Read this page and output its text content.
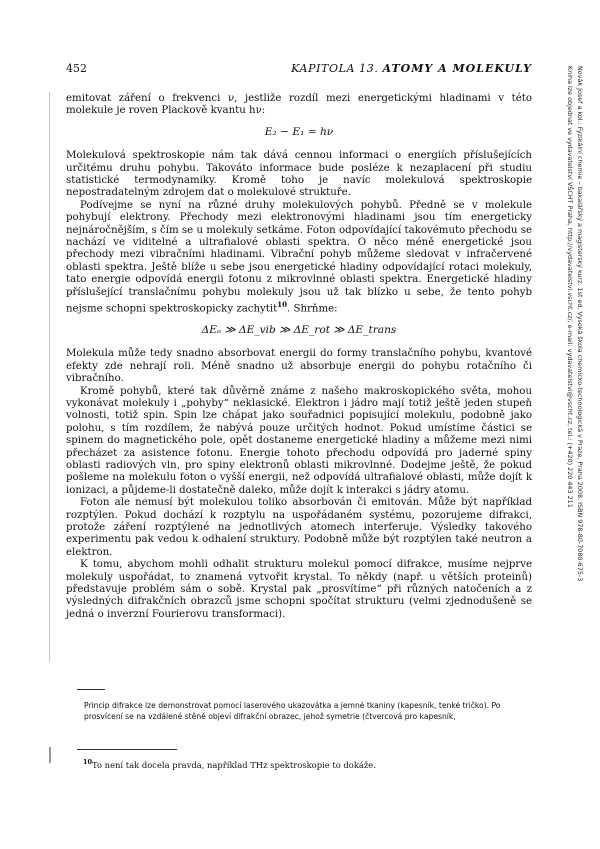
452	KAPITOLA 13. ATOMY A MOLEKULY

emitovat záření o frekvenci ν, jestliže rozdíl mezi energetickými hladinami v této molekule je roven Plackově kvantu hν:

E₂ − E₁ = hν

Molekulová spektroskopie nám tak dává cennou informaci o energiích příslušejících určitému druhu pohybu. Takováto informace bude posléze k nezaplacení při studiu statistické termodynamiky. Kromě toho je navíc molekulová spektroskopie nepostradatelným zdrojem dat o molekulové struktuře.

Podívejme se nyní na různé druhy molekulových pohybů. Předně se v molekule pohybují elektrony. Přechody mezi elektronovými hladinami jsou tím energeticky nejnáročnějším, s čím se u molekuly setkáme. Foton odpovídající takovémuto přechodu se nachází ve viditelné a ultrafialové oblasti spektra. O něco méně energetické jsou přechody mezi vibračními hladinami. Vibrační pohyb můžeme sledovat v infračervené oblasti spektra. Ještě blíže u sebe jsou energetické hladiny odpovídající rotaci molekuly, tato energie odpovídá energii fotonu z mikrovlnné oblasti spektra. Energetické hladiny příslušející translačnímu pohybu molekuly jsou už tak blízko u sebe, že tento pohyb nejsme schopni spektroskopicky zachytit$^{10}$. Shrňme:

ΔEₑ ≫ ΔE_vib ≫ ΔE_rot ≫ ΔE_trans

Molekula může tedy snadno absorbovat energii do formy translačního pohybu, kvantové efekty zde nehrají roli. Méně snadno už absorbuje energii do pohybu rotačního či vibračního.

Kromě pohybů, které tak důvěrně známe z našeho makroskopického světa, mohou vykonávat molekuly i „pohyby“ neklasické. Elektron i jádro mají totiž ještě jeden stupeň volnosti, totiž spin. Spin lze chápat jako souřadnici popisující molekulu, podobně jako polohu, s tím rozdílem, že nabývá pouze určitých hodnot. Pokud umístíme částici se spinem do magnetického pole, opět dostaneme energetické hladiny a můžeme mezi nimi přecházet za asistence fotonu. Energie tohoto přechodu odpovídá pro jaderné spiny oblasti radiových vln, pro spiny elektronů oblasti mikrovlnné. Dodejme ještě, že pokud pošleme na molekulu foton o vyšší energii, než odpovídá ultrafialové oblasti, může dojít k ionizaci, a půjdeme-li dostatečně daleko, může dojít k interakci s jádry atomu.

Foton ale nemusí být molekulou toliko absorbován či emitován. Může být například rozptýlen. Pokud dochází k rozptylu na uspořádaném systému, pozorujeme difrakci, protože záření rozptýlené na jednotlivých atomech interferuje. Výsledky takového experimentu pak vedou k odhalení struktury. Podobně může být rozptýlen také neutron a elektron.

K tomu, abychom mohli odhalit strukturu molekul pomocí difrakce, musíme nejprve molekuly uspořádat, to znamená vytvořit krystal. To někdy (např. u větších proteinů) představuje problém sám o sobě. Krystal pak „prosvítíme“ při různých natočeních a z výsledných difrakčních obrazců jsme schopni spočítat strukturu (velmi zjednodušeně se jedná o inverzní Fourierovu transformaci).

Princip difrakce lze demonstrovat pomocí laserového ukazovátka a jemné tkaniny (kapesník, tenké tričko). Po prosvícení se na vzdálené stěně objeví difrakční obrazec, jehož symetrie (čtvercová pro kapesník,
$^{10}$To není tak docela pravda, například THz spektroskopie to dokáže.
Novák Josef a kol.: Fyzikální chemie – bakalářský a magisterský kurz. 1st ed. Vysoká škola chemicko-technologická v Praze, Praha 2008. ISBN 978-80-7080-675-3
Kniha lze objednat ve vydavatelství VŠCHT Praha, http://vydavatelstvi.vscht.cz/, e-mail: vydavatelstvi@vscht.cz, tel.: (+420) 220 443 211
